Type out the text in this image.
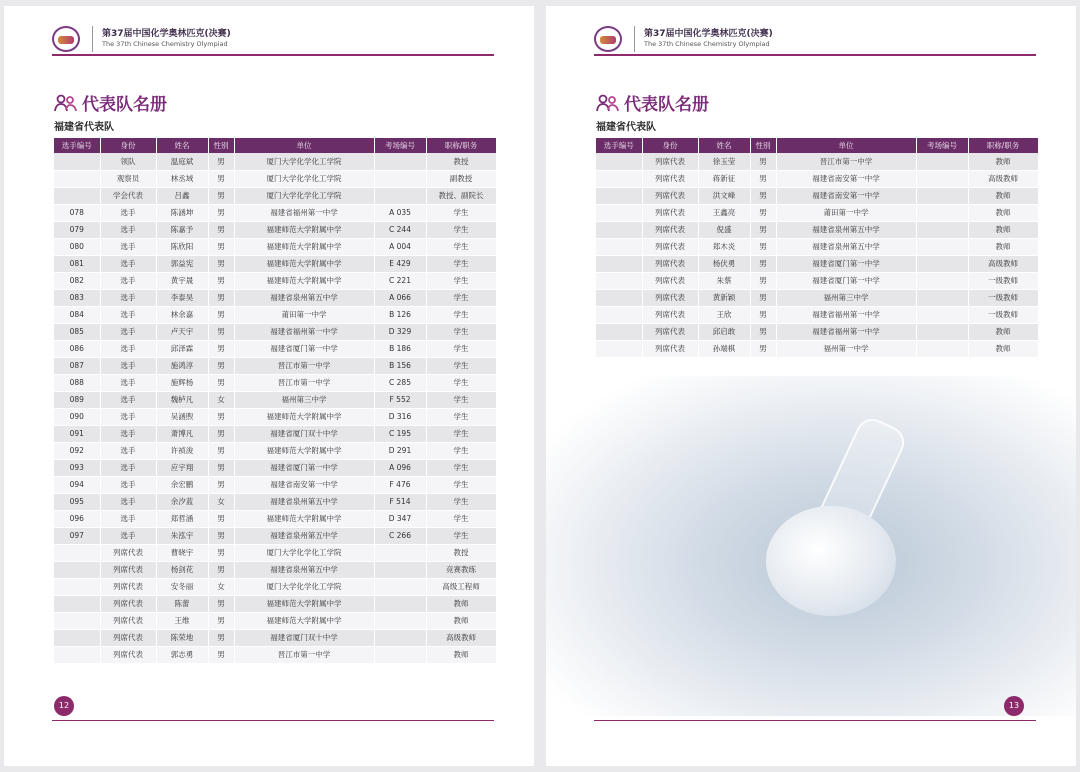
第37届中国化学奥林匹克(决赛)
The 37th Chinese Chemistry Olympiad
代表队名册
福建省代表队
选手编号	身份	姓名	性别	单位	考场编号	职称/职务
	领队	温庭斌	男	厦门大学化学化工学院		教授
	观察员	林丞域	男	厦门大学化学化工学院		副教授
	学会代表	吕鑫	男	厦门大学化学化工学院		教授、副院长
078	选手	陈涵坤	男	福建省福州第一中学	A 035	学生
079	选手	陈嘉予	男	福建师范大学附属中学	C 244	学生
080	选手	陈欣阳	男	福建师范大学附属中学	A 004	学生
081	选手	郭益宪	男	福建师范大学附属中学	E 429	学生
082	选手	黄宇晟	男	福建师范大学附属中学	C 221	学生
083	选手	李泰昊	男	福建省泉州第五中学	A 066	学生
084	选手	林余嘉	男	莆田第一中学	B 126	学生
085	选手	卢天宇	男	福建省福州第一中学	D 329	学生
086	选手	邱泽霖	男	福建省厦门第一中学	B 186	学生
087	选手	施鸿淳	男	晋江市第一中学	B 156	学生
088	选手	施辉杨	男	晋江市第一中学	C 285	学生
089	选手	魏栌凡	女	福州第三中学	F 552	学生
090	选手	吴涵煦	男	福建师范大学附属中学	D 316	学生
091	选手	萧博凡	男	福建省厦门双十中学	C 195	学生
092	选手	许祯浚	男	福建师范大学附属中学	D 291	学生
093	选手	应宇翔	男	福建省厦门第一中学	A 096	学生
094	选手	余宏鹏	男	福建省南安第一中学	F 476	学生
095	选手	余汐蓝	女	福建省泉州第五中学	F 514	学生
096	选手	郑哲涵	男	福建师范大学附属中学	D 347	学生
097	选手	朱泓宇	男	福建省泉州第五中学	C 266	学生
	列席代表	曹晓宇	男	厦门大学化学化工学院		教授
	列席代表	杨剑花	男	福建省泉州第五中学		竞赛教练
	列席代表	安冬丽	女	厦门大学化学化工学院		高级工程师
	列席代表	陈蕾	男	福建师范大学附属中学		教师
	列席代表	王维	男	福建师范大学附属中学		教师
	列席代表	陈荣地	男	福建省厦门双十中学		高级教师
	列席代表	郭志勇	男	晋江市第一中学		教师
12
第37届中国化学奥林匹克(决赛)
The 37th Chinese Chemistry Olympiad
代表队名册
福建省代表队
选手编号	身份	姓名	性别	单位	考场编号	职称/职务
	列席代表	徐玉莹	男	晋江市第一中学		教师
	列席代表	蒋新征	男	福建省南安第一中学		高级教师
	列席代表	洪文峰	男	福建省南安第一中学		教师
	列席代表	王鑫亮	男	莆田第一中学		教师
	列席代表	倪盛	男	福建省泉州第五中学		教师
	列席代表	郑木炎	男	福建省泉州第五中学		教师
	列席代表	杨伏勇	男	福建省厦门第一中学		高级教师
	列席代表	朱蔡	男	福建省厦门第一中学		一级教师
	列席代表	黄新颖	男	福州第三中学		一级教师
	列席代表	王欣	男	福建省福州第一中学		一级教师
	列席代表	邱启敢	男	福建省福州第一中学		教师
	列席代表	孙端棋	男	福州第一中学		教师
13
